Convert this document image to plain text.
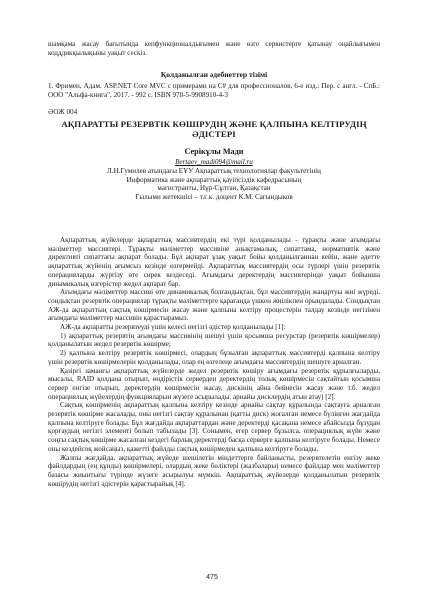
шамқама жасау бағытында кепфункционалдығымен және өзге сервистерге қатынау оңайлығымен кодддикқылықыны уақыт сескіз.

Қолданылған әдебиеттер тізімі

1. Фримен, Адам. ASP.NET Core MVC с примерами на C# для профессионалов, 6-е изд.: Пер. с англ. - СпБ.: ООО "Альфа-книга", 2017. - 992 с. ISBN 978-5-9908910-4-3

ӘОЖ 004
АҚПАРАТТЫ РЕЗЕРВТІК КӨШІРУДІҢ ЖӘНЕ ҚАЛПЫНА КЕЛТІРУДІҢ ӘДІСТЕРІ
Серікұлы Мади
Bertaev_madi094@mail.ru
Л.Н.Гумилев атындағы ЕҰУ Ақпараттық технологиялар факультетінің
Информатика және ақпараттық қауіпсіздік кафедрасының
магистранты, Нұр-Сұлтан, Қазақстан
Ғылыми жетекшісі – т.ғ.к. доцент К.М. Сагындыков

Ақпараттық жүйелерде ақпараттық массивтердің екі түрі қолданылады - тұрақты және ағымдағы мәліметтер массивтері. Тұрақты мәліметтер массивіне анықтамалық, сипаттама, нормативтік және директивті сипаттағы ақпарат болады. Бұл ақпарат ұзақ уақыт бойы қолданылғаннан кейін, және әдетте ақпараттық жүйенің ағымсыз кезінде өзгермейді. Ақпараттық массивтердің осы түрлері үшін резервтік операцияларды жүргізу өте сирек кездеседі. Ағымдағы деректердің массивтерінде уақыт бойынша динамикалық өзгерістер жедел ақпарат бар.

Ағымдағы мәліметтер массиві өте динамикалық болғандықтан, бұл массивтердің жаңартуы жиі жүреді, сондықтан резервтік операциялар тұрақты мәліметтерге қарағанда үшкен жиілікпен орындалады. Сондықтан АЖ-да ақпараттың сақтық көшірмесін жасау және қалпына келтіру процестерін талдау кезінде негізінен ағымдағы мәліметтер массивін қарастырамыз.

АЖ-да ақпаратты резервтеуді үшін келесі негізгі әдістер қолданылады [1]:

1) ақпараттық резервтің ағымдағы массивінің шешуі үшін қосымша ресурстар (резервтік көшірмелер) қолданылатын жедел резервтік көшірме;

2) қалпына келтіру резервтік көшірмесі, олардың бұзылған ақпараттық массивтерді қалпына келтіру үшін резервтік көшірмелерін қолданылады, олар ең өзгелеңе ағымдағы массивтердің шешуге арналған.

Қазіргі заманғы ақпараттық жүйелерде жедел резервтік көшіру ағымдағы резервтік құрылғыларды, мысалы, RAID қолдана отырып, өндірістік серверден деректердің толық көшірмесін сақтайтын қосымша сервер енгізе отырып, деректердің көшірмесін жасау, дискінің айна бейнесін жасау және т.б. жедел операциялық жүйелердің функцияларын жүзеге асырылады. арнайы дисклердің атын атау) [2].

Сақтық көшірменің ақпараттың қалпына келтіру кезінде арнайы сақтау құралында сақтауға арналған резервтік көшірме жасалады, оны негізгі сақтау құралынан (қатты диск) жоғалған немесе бүлінген жағдайда қалпына келтіруге болады. Бұл жағдайда ақпараттардан және деректерді қасақана немесе абайсызда бұзудан қорғаудың негізгі элементі болып табылады [3]. Сонымен, егер сервер бұзылса, операциялық жүйе және соңғы сақтық көшірме жасалған кездегі барлық деректерді басқа серверге қалпына келтіруге болады. Немесе оны кездейсоқ жойсаңыз, қажетті файлды сақтық көшірмеден қалпына келтіруге болады.

Жалпы жағдайда, ақпараттық жүйеде шешілетін міндеттерге байланысты, резервтелетін енгізу жеке файлдардың (ең құнды) көшірмелері, олардың жеке бөліктері (жазбалары) немесе файлдар мен мәліметтер базасы жиынтығы түрінде жүзеге асырылуы мүмкін. Ақпараттық жүйелерде қолданылатын резервтік көшірудің негізгі әдістерін қарастырайық [4].

475
